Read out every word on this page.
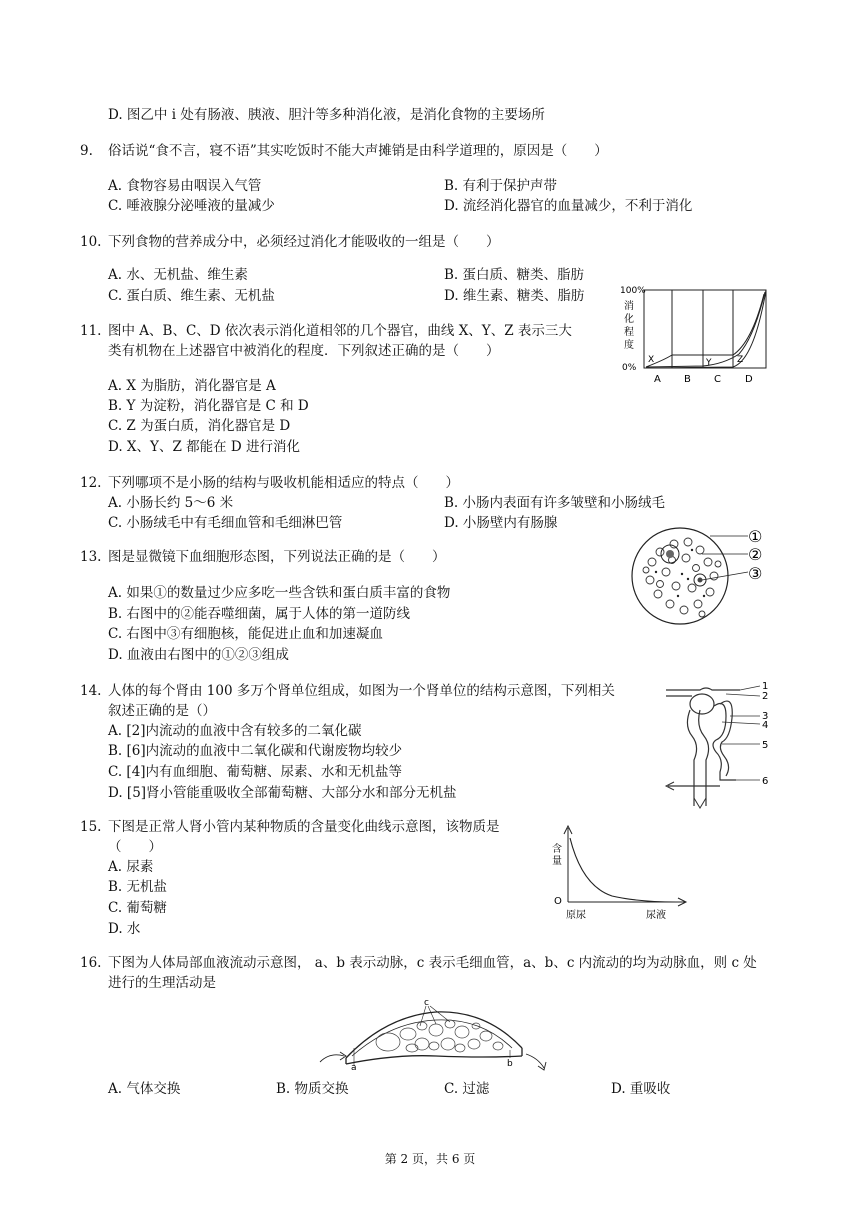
D. 图乙中 i 处有肠液、胰液、胆汁等多种消化液，是消化食物的主要场所
9. 俗话说“食不言，寝不语”其实吃饭时不能大声摊销是由科学道理的，原因是（　　）
A. 食物容易由咽误入气管	B. 有利于保护声带
C. 唾液腺分泌唾液的量减少	D. 流经消化器官的血量减少，不利于消化
10. 下列食物的营养成分中，必须经过消化才能吸收的一组是（　　）
A. 水、无机盐、维生素	B. 蛋白质、糖类、脂肪
C. 蛋白质、维生素、无机盐	D. 维生素、糖类、脂肪	100%
消
化
程
度
0%
X	Y	Z
A B C D
11. 图中 A、B、C、D 依次表示消化道相邻的几个器官，曲线 X、Y、Z 表示三大
类有机物在上述器官中被消化的程度．下列叙述正确的是（　　）
A. X 为脂肪，消化器官是 A
B. Y 为淀粉，消化器官是 C 和 D
C. Z 为蛋白质，消化器官是 D
D. X、Y、Z 都能在 D 进行消化
12. 下列哪项不是小肠的结构与吸收机能相适应的特点（　　）
A. 小肠长约 5～6 米	B. 小肠内表面有许多皱壁和小肠绒毛
C. 小肠绒毛中有毛细血管和毛细淋巴管	D. 小肠壁内有肠腺
①
②
③
13. 图是显微镜下血细胞形态图，下列说法正确的是（　　）
A. 如果①的数量过少应多吃一些含铁和蛋白质丰富的食物
B. 右图中的②能吞噬细菌，属于人体的第一道防线
C. 右图中③有细胞核，能促进止血和加速凝血
D. 血液由右图中的①②③组成
1
2
3
4
5
6
14. 人体的每个肾由 100 多万个肾单位组成，如图为一个肾单位的结构示意图，下列相关
叙述正确的是（）
A. [2]内流动的血液中含有较多的二氧化碳
B. [6]内流动的血液中二氧化碳和代谢废物均较少
C. [4]内有血细胞、葡萄糖、尿素、水和无机盐等
D. [5]肾小管能重吸收全部葡萄糖、大部分水和部分无机盐
含
量
O
原尿	尿液
15. 下图是正常人肾小管内某种物质的含量变化曲线示意图，该物质是
（　　）
A. 尿素
B. 无机盐
C. 葡萄糖
D. 水
16. 下图为人体局部血液流动示意图， a、b 表示动脉，c 表示毛细血管，a、b、c 内流动的均为动脉血，则 c 处
进行的生理活动是
c
a	b
A. 气体交换	B. 物质交换	C. 过滤	D. 重吸收
第 2 页，共 6 页
